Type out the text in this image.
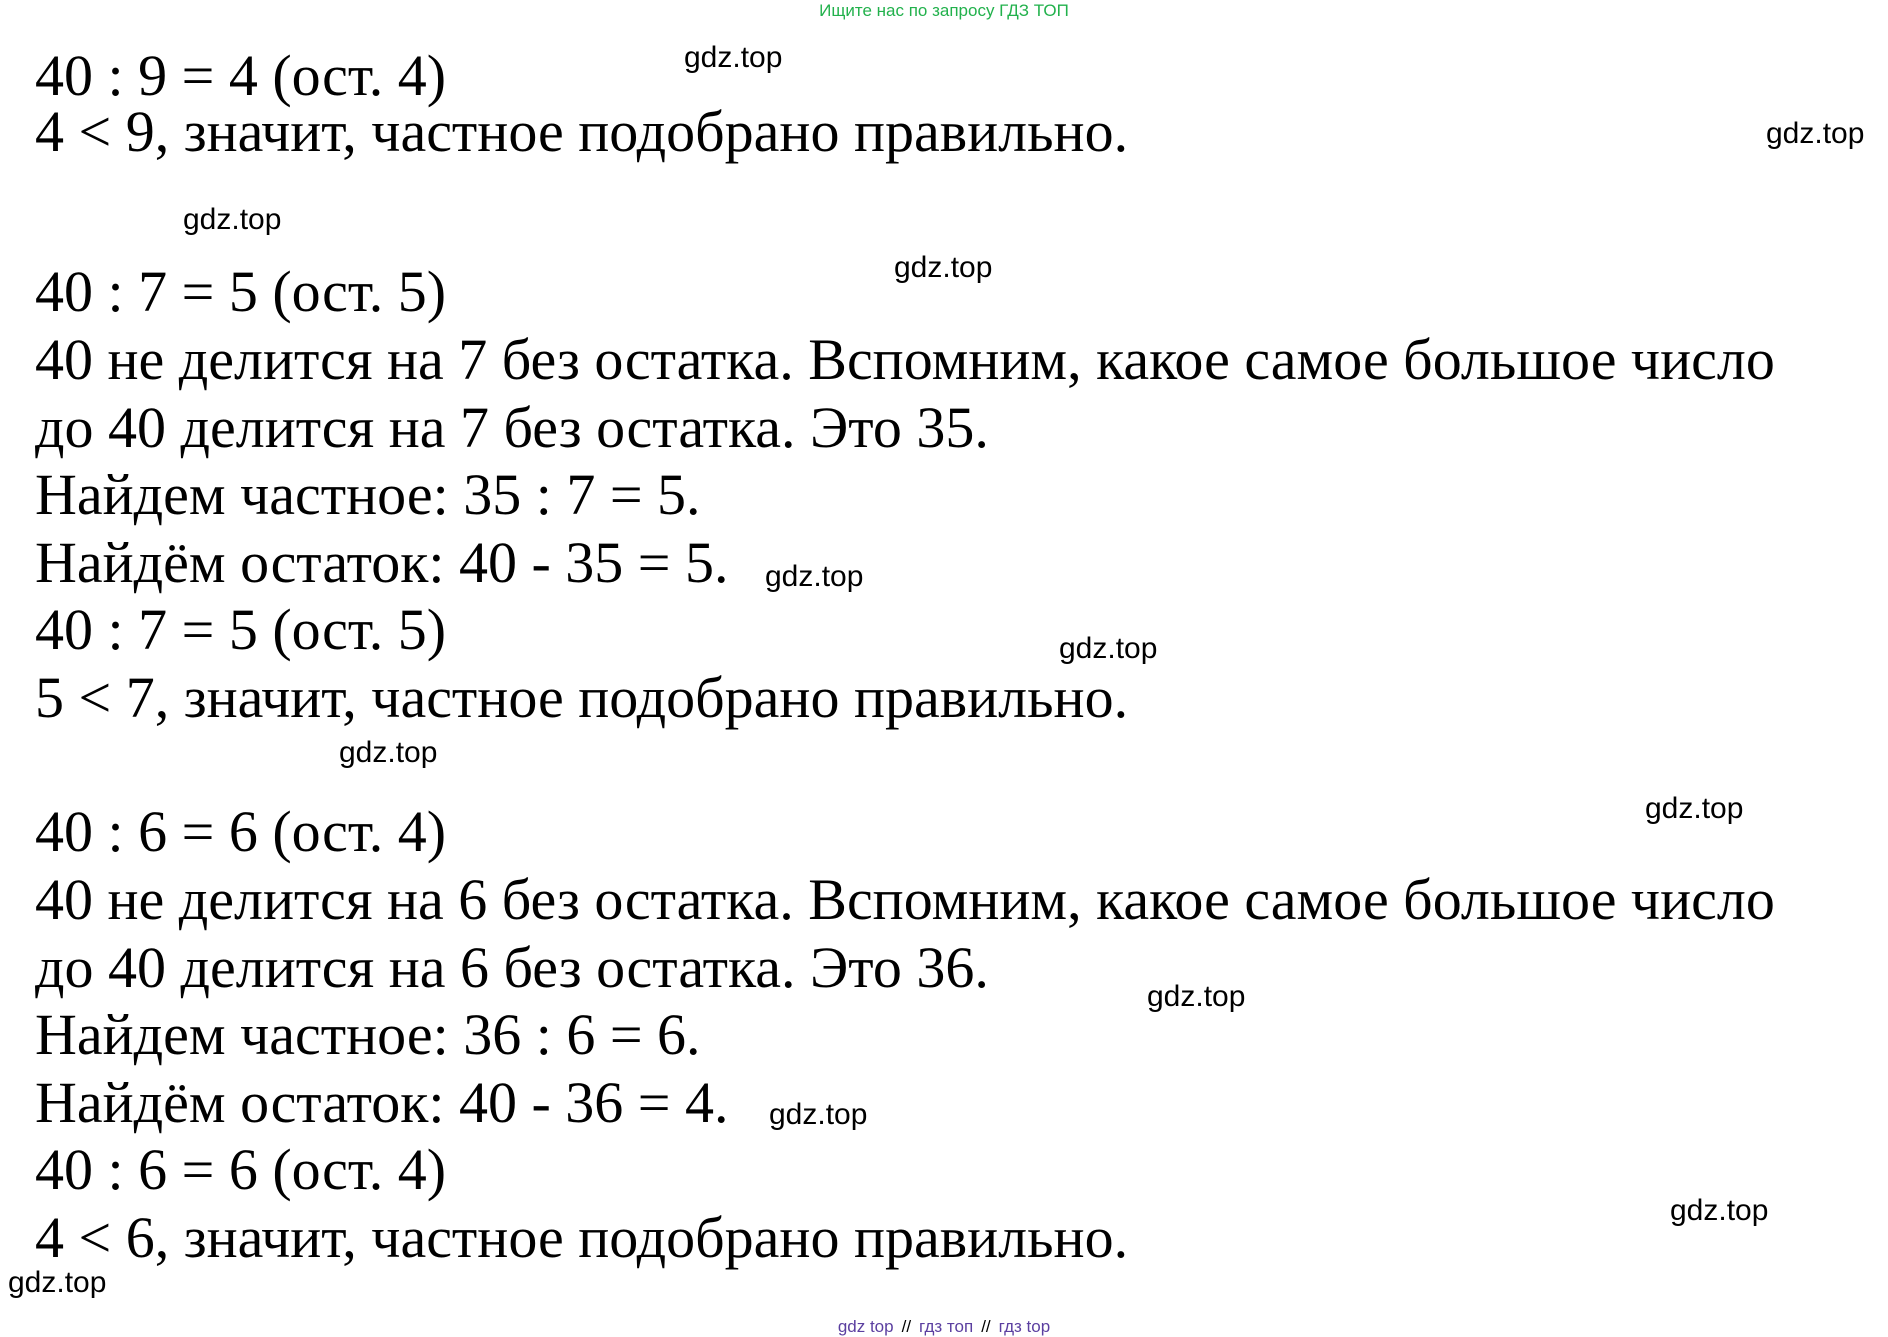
Ищите нас по запросу ГДЗ ТОП
40 : 9 = 4 (ост. 4)
4 < 9, значит, частное подобрано правильно.
40 : 7 = 5 (ост. 5)
40 не делится на 7 без остатка. Вспомним, какое самое большое число
до 40 делится на 7 без остатка. Это 35.
Найдем частное: 35 : 7 = 5.
Найдём остаток: 40 - 35 = 5.
40 : 7 = 5 (ост. 5)
5 < 7, значит, частное подобрано правильно.
40 : 6 = 6 (ост. 4)
40 не делится на 6 без остатка. Вспомним, какое самое большое число
до 40 делится на 6 без остатка. Это 36.
Найдем частное: 36 : 6 = 6.
Найдём остаток: 40 - 36 = 4.
40 : 6 = 6 (ост. 4)
4 < 6, значит, частное подобрано правильно.
gdz.top
gdz.top
gdz.top
gdz.top
gdz.top
gdz.top
gdz.top
gdz.top
gdz.top
gdz.top
gdz.top
gdz.top
gdz top // гдз топ // гдз top
